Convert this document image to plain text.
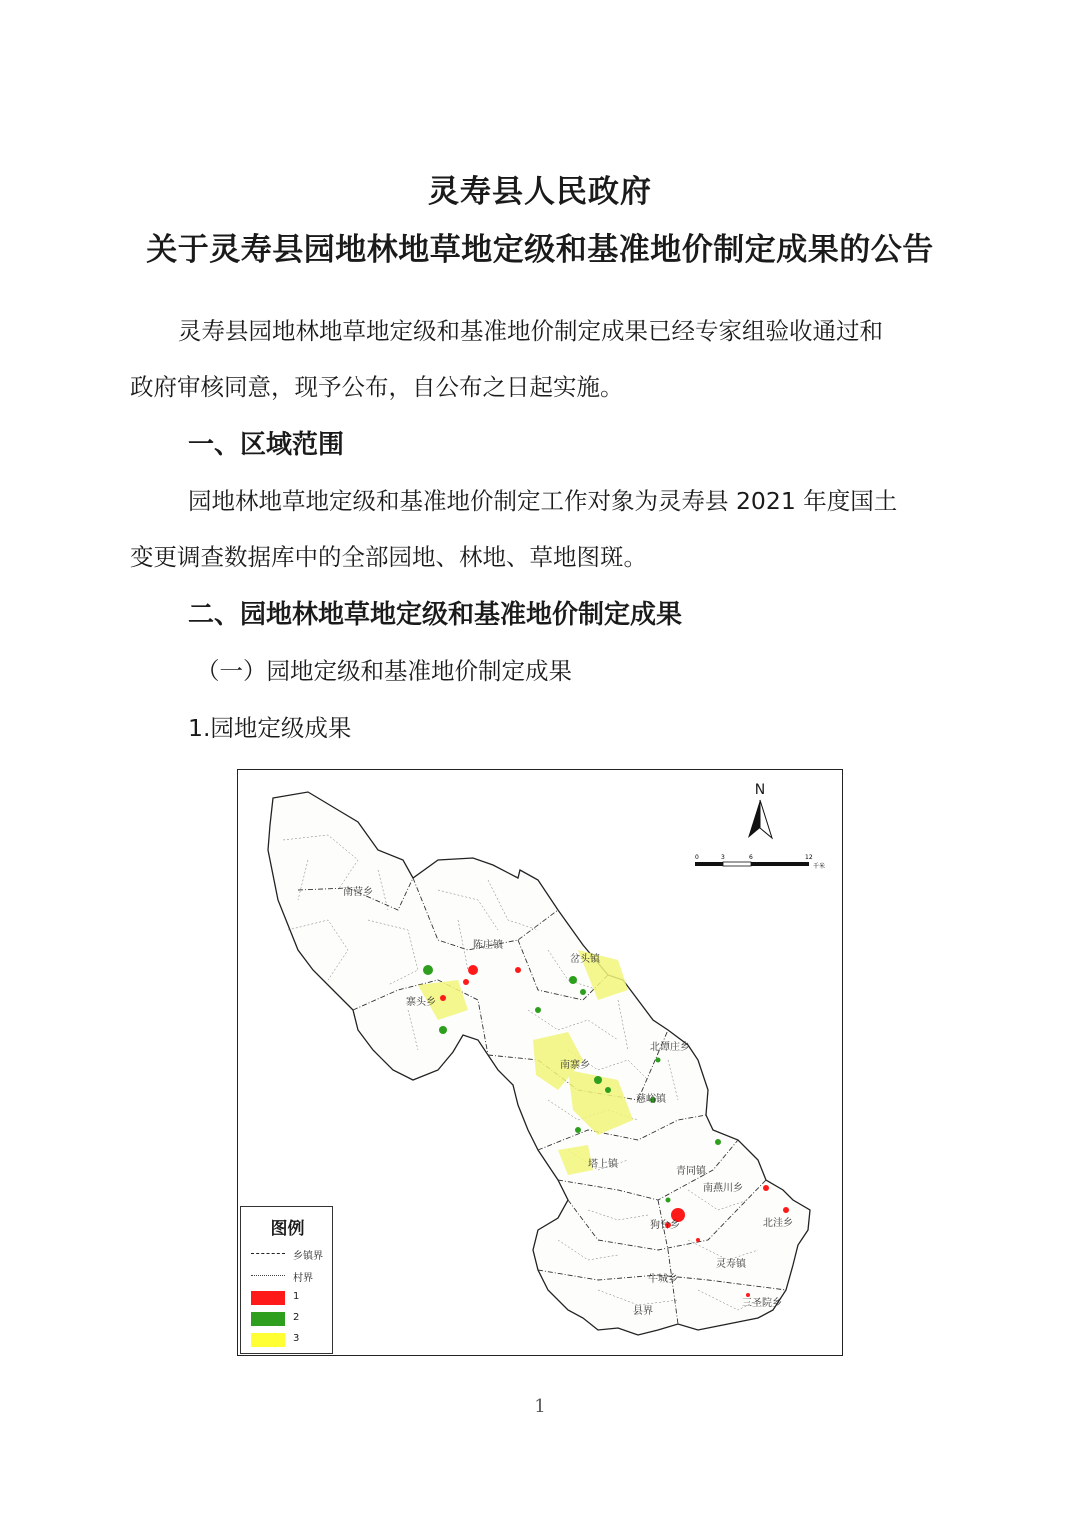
灵寿县人民政府
关于灵寿县园地林地草地定级和基准地价制定成果的公告
灵寿县园地林地草地定级和基准地价制定成果已经专家组验收通过和
政府审核同意，现予公布，自公布之日起实施。
一、区域范围
园地林地草地定级和基准地价制定工作对象为灵寿县 2021 年度国土
变更调查数据库中的全部园地、林地、草地图斑。
二、园地林地草地定级和基准地价制定成果
（一）园地定级和基准地价制定成果
1.园地定级成果
南营乡
陈庄镇
岔头镇
慈峪镇
北谭庄乡
南寨乡
狗台乡
寨头乡
塔上镇
青同镇
灵寿镇
南燕川乡
牛城乡
三圣院乡
北洼乡
县界
N
0	3	6	12
千米
图例
乡镇界
村界
1
2
3
1
